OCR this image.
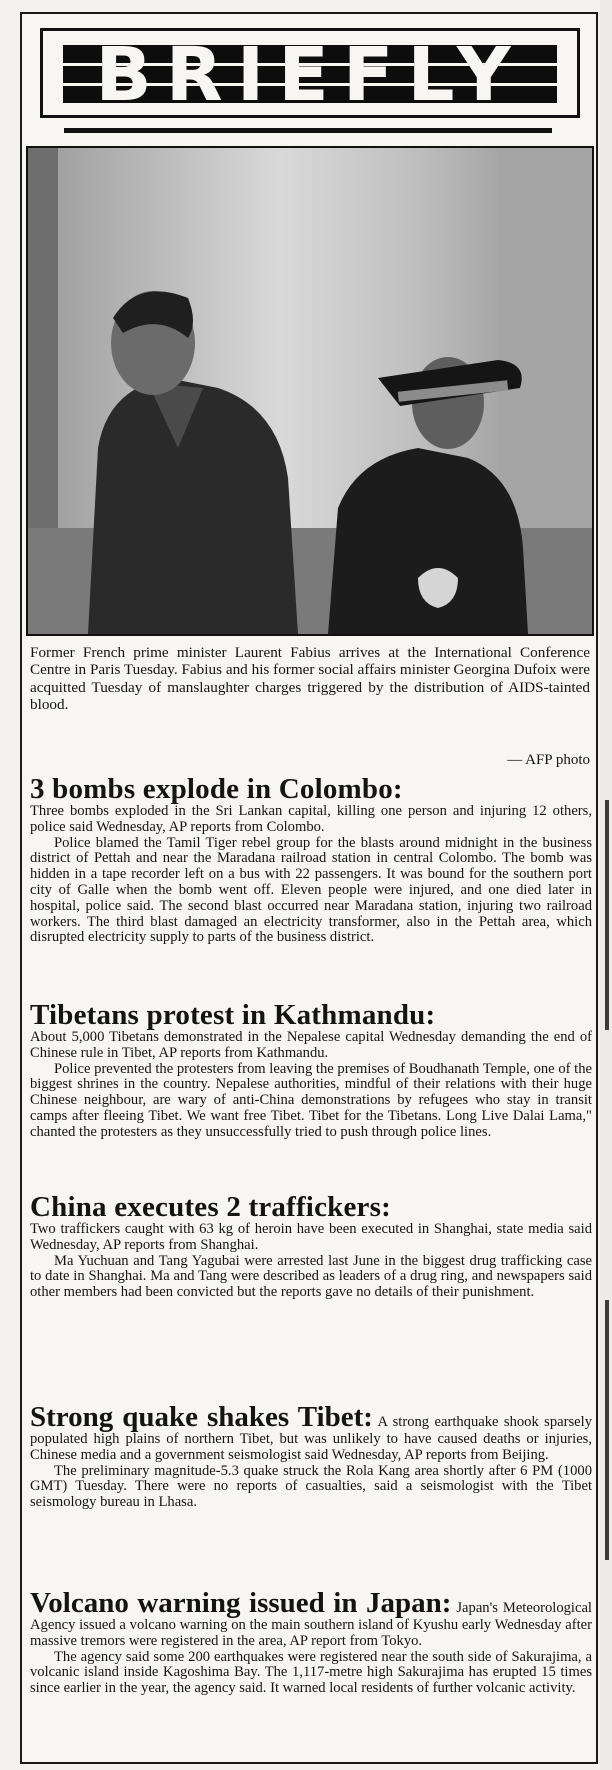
BRIEFLY
Former French prime minister Laurent Fabius arrives at the International Conference Centre in Paris Tuesday. Fabius and his former social affairs minister Georgina Dufoix were acquitted Tuesday of manslaughter charges triggered by the distribution of AIDS-tainted blood.
— AFP photo
3 bombs explode in Colombo:

Three bombs exploded in the Sri Lankan capital, killing one person and injuring 12 others, police said Wednesday, AP reports from Colombo.

Police blamed the Tamil Tiger rebel group for the blasts around midnight in the business district of Pettah and near the Maradana railroad station in central Colombo. The bomb was hidden in a tape recorder left on a bus with 22 passengers. It was bound for the southern port city of Galle when the bomb went off. Eleven people were injured, and one died later in hospital, police said. The second blast occurred near Maradana station, injuring two railroad workers. The third blast damaged an electricity transformer, also in the Pettah area, which disrupted electricity supply to parts of the business district.

Tibetans protest in Kathmandu:

About 5,000 Tibetans demonstrated in the Nepalese capital Wednesday demanding the end of Chinese rule in Tibet, AP reports from Kathmandu.

Police prevented the protesters from leaving the premises of Boudhanath Temple, one of the biggest shrines in the country. Nepalese authorities, mindful of their relations with their huge Chinese neighbour, are wary of anti-China demonstrations by refugees who stay in transit camps after fleeing Tibet. We want free Tibet. Tibet for the Tibetans. Long Live Dalai Lama," chanted the protesters as they unsuccessfully tried to push through police lines.

China executes 2 traffickers:

Two traffickers caught with 63 kg of heroin have been executed in Shanghai, state media said Wednesday, AP reports from Shanghai.

Ma Yuchuan and Tang Yagubai were arrested last June in the biggest drug trafficking case to date in Shanghai. Ma and Tang were described as leaders of a drug ring, and newspapers said other members had been convicted but the reports gave no details of their punishment.

Strong quake shakes Tibet: A strong earthquake shook sparsely populated high plains of northern Tibet, but was unlikely to have caused deaths or injuries, Chinese media and a government seismologist said Wednesday, AP reports from Beijing.

The preliminary magnitude-5.3 quake struck the Rola Kang area shortly after 6 PM (1000 GMT) Tuesday. There were no reports of casualties, said a seismologist with the Tibet seismology bureau in Lhasa.

Volcano warning issued in Japan: Japan's Meteorological Agency issued a volcano warning on the main southern island of Kyushu early Wednesday after massive tremors were registered in the area, AP report from Tokyo.

The agency said some 200 earthquakes were registered near the south side of Sakurajima, a volcanic island inside Kagoshima Bay. The 1,117-metre high Sakurajima has erupted 15 times since earlier in the year, the agency said. It warned local residents of further volcanic activity.
